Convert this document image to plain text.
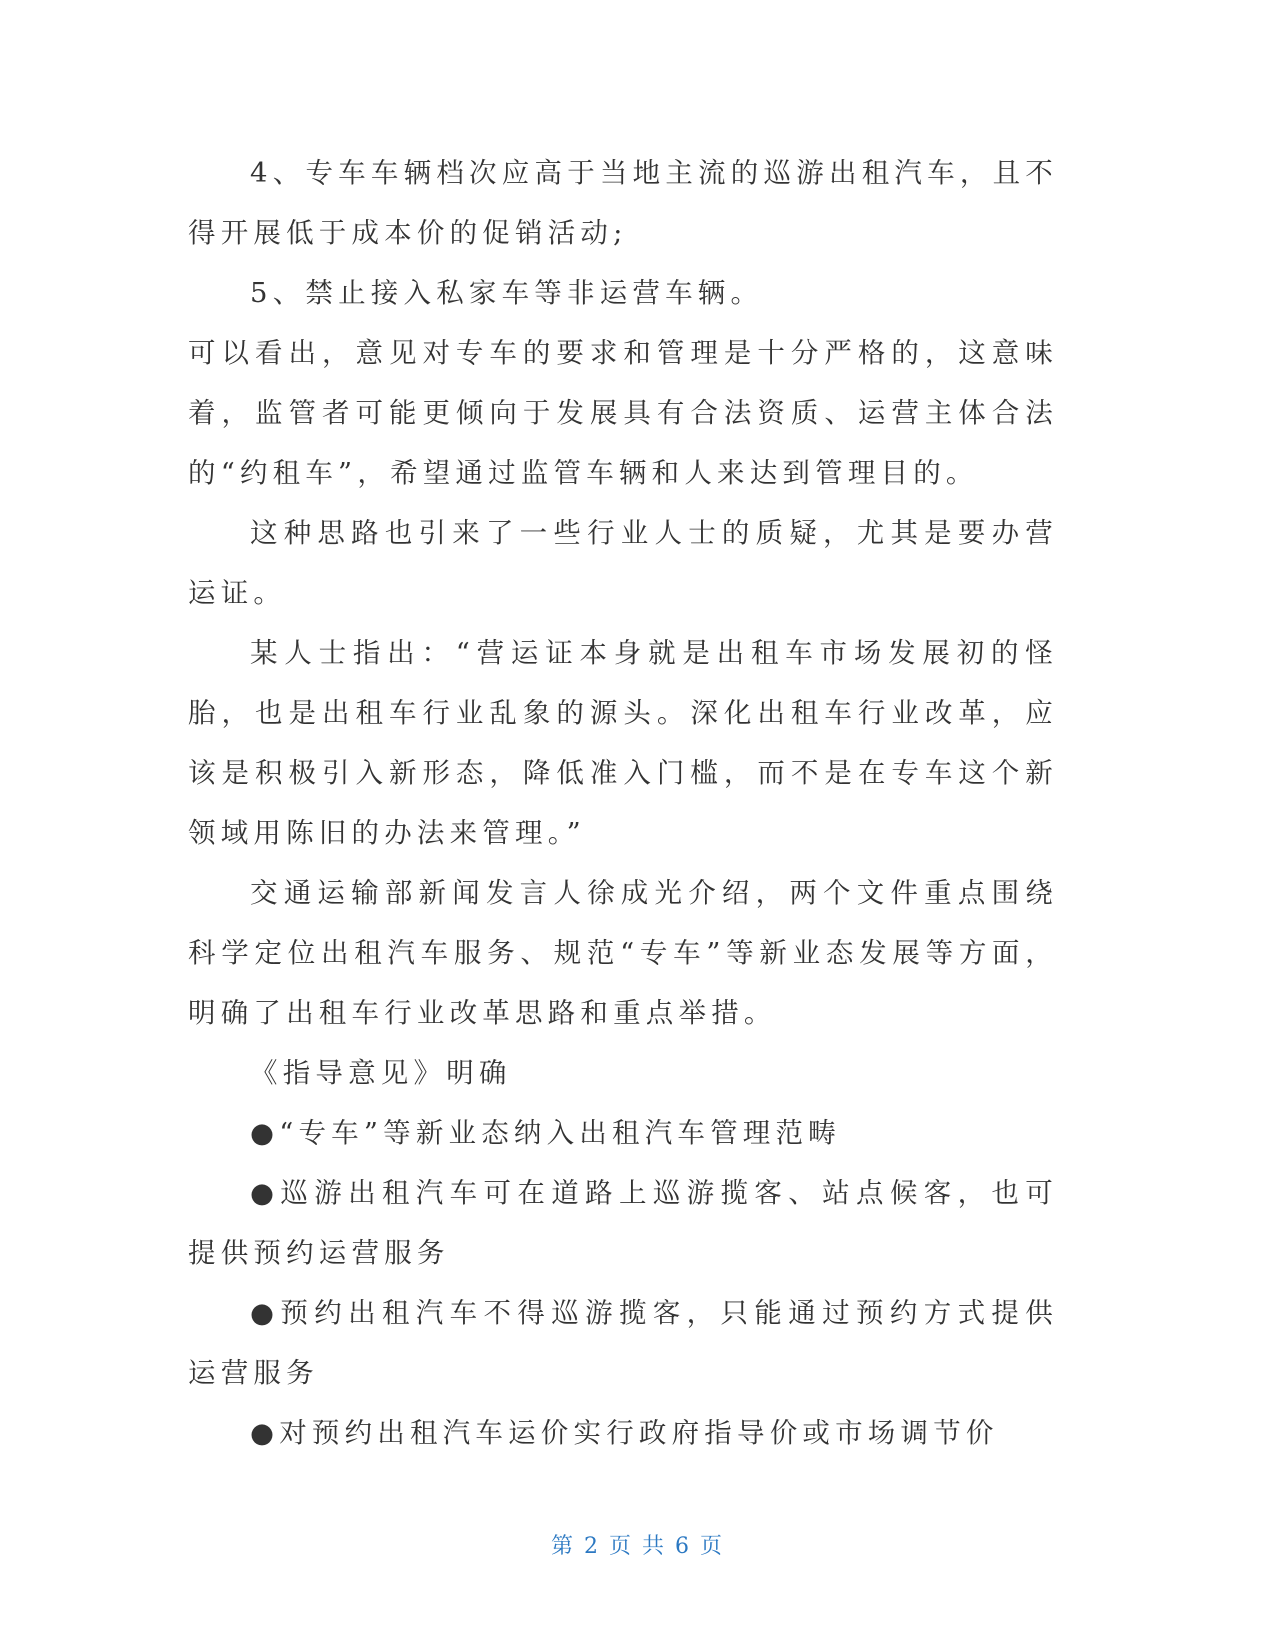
4、专车车辆档次应高于当地主流的巡游出租汽车，且不得开展低于成本价的促销活动;

5、禁止接入私家车等非运营车辆。

可以看出，意见对专车的要求和管理是十分严格的，这意味着，监管者可能更倾向于发展具有合法资质、运营主体合法的“约租车”，希望通过监管车辆和人来达到管理目的。

这种思路也引来了一些行业人士的质疑，尤其是要办营运证。

某人士指出：“营运证本身就是出租车市场发展初的怪胎，也是出租车行业乱象的源头。深化出租车行业改革，应该是积极引入新形态，降低准入门槛，而不是在专车这个新领域用陈旧的办法来管理。”

交通运输部新闻发言人徐成光介绍，两个文件重点围绕科学定位出租汽车服务、规范“专车”等新业态发展等方面，明确了出租车行业改革思路和重点举措。

《指导意见》明确

●“专车”等新业态纳入出租汽车管理范畴

●巡游出租汽车可在道路上巡游揽客、站点候客，也可提供预约运营服务

●预约出租汽车不得巡游揽客，只能通过预约方式提供运营服务

●对预约出租汽车运价实行政府指导价或市场调节价

第 2 页 共 6 页
